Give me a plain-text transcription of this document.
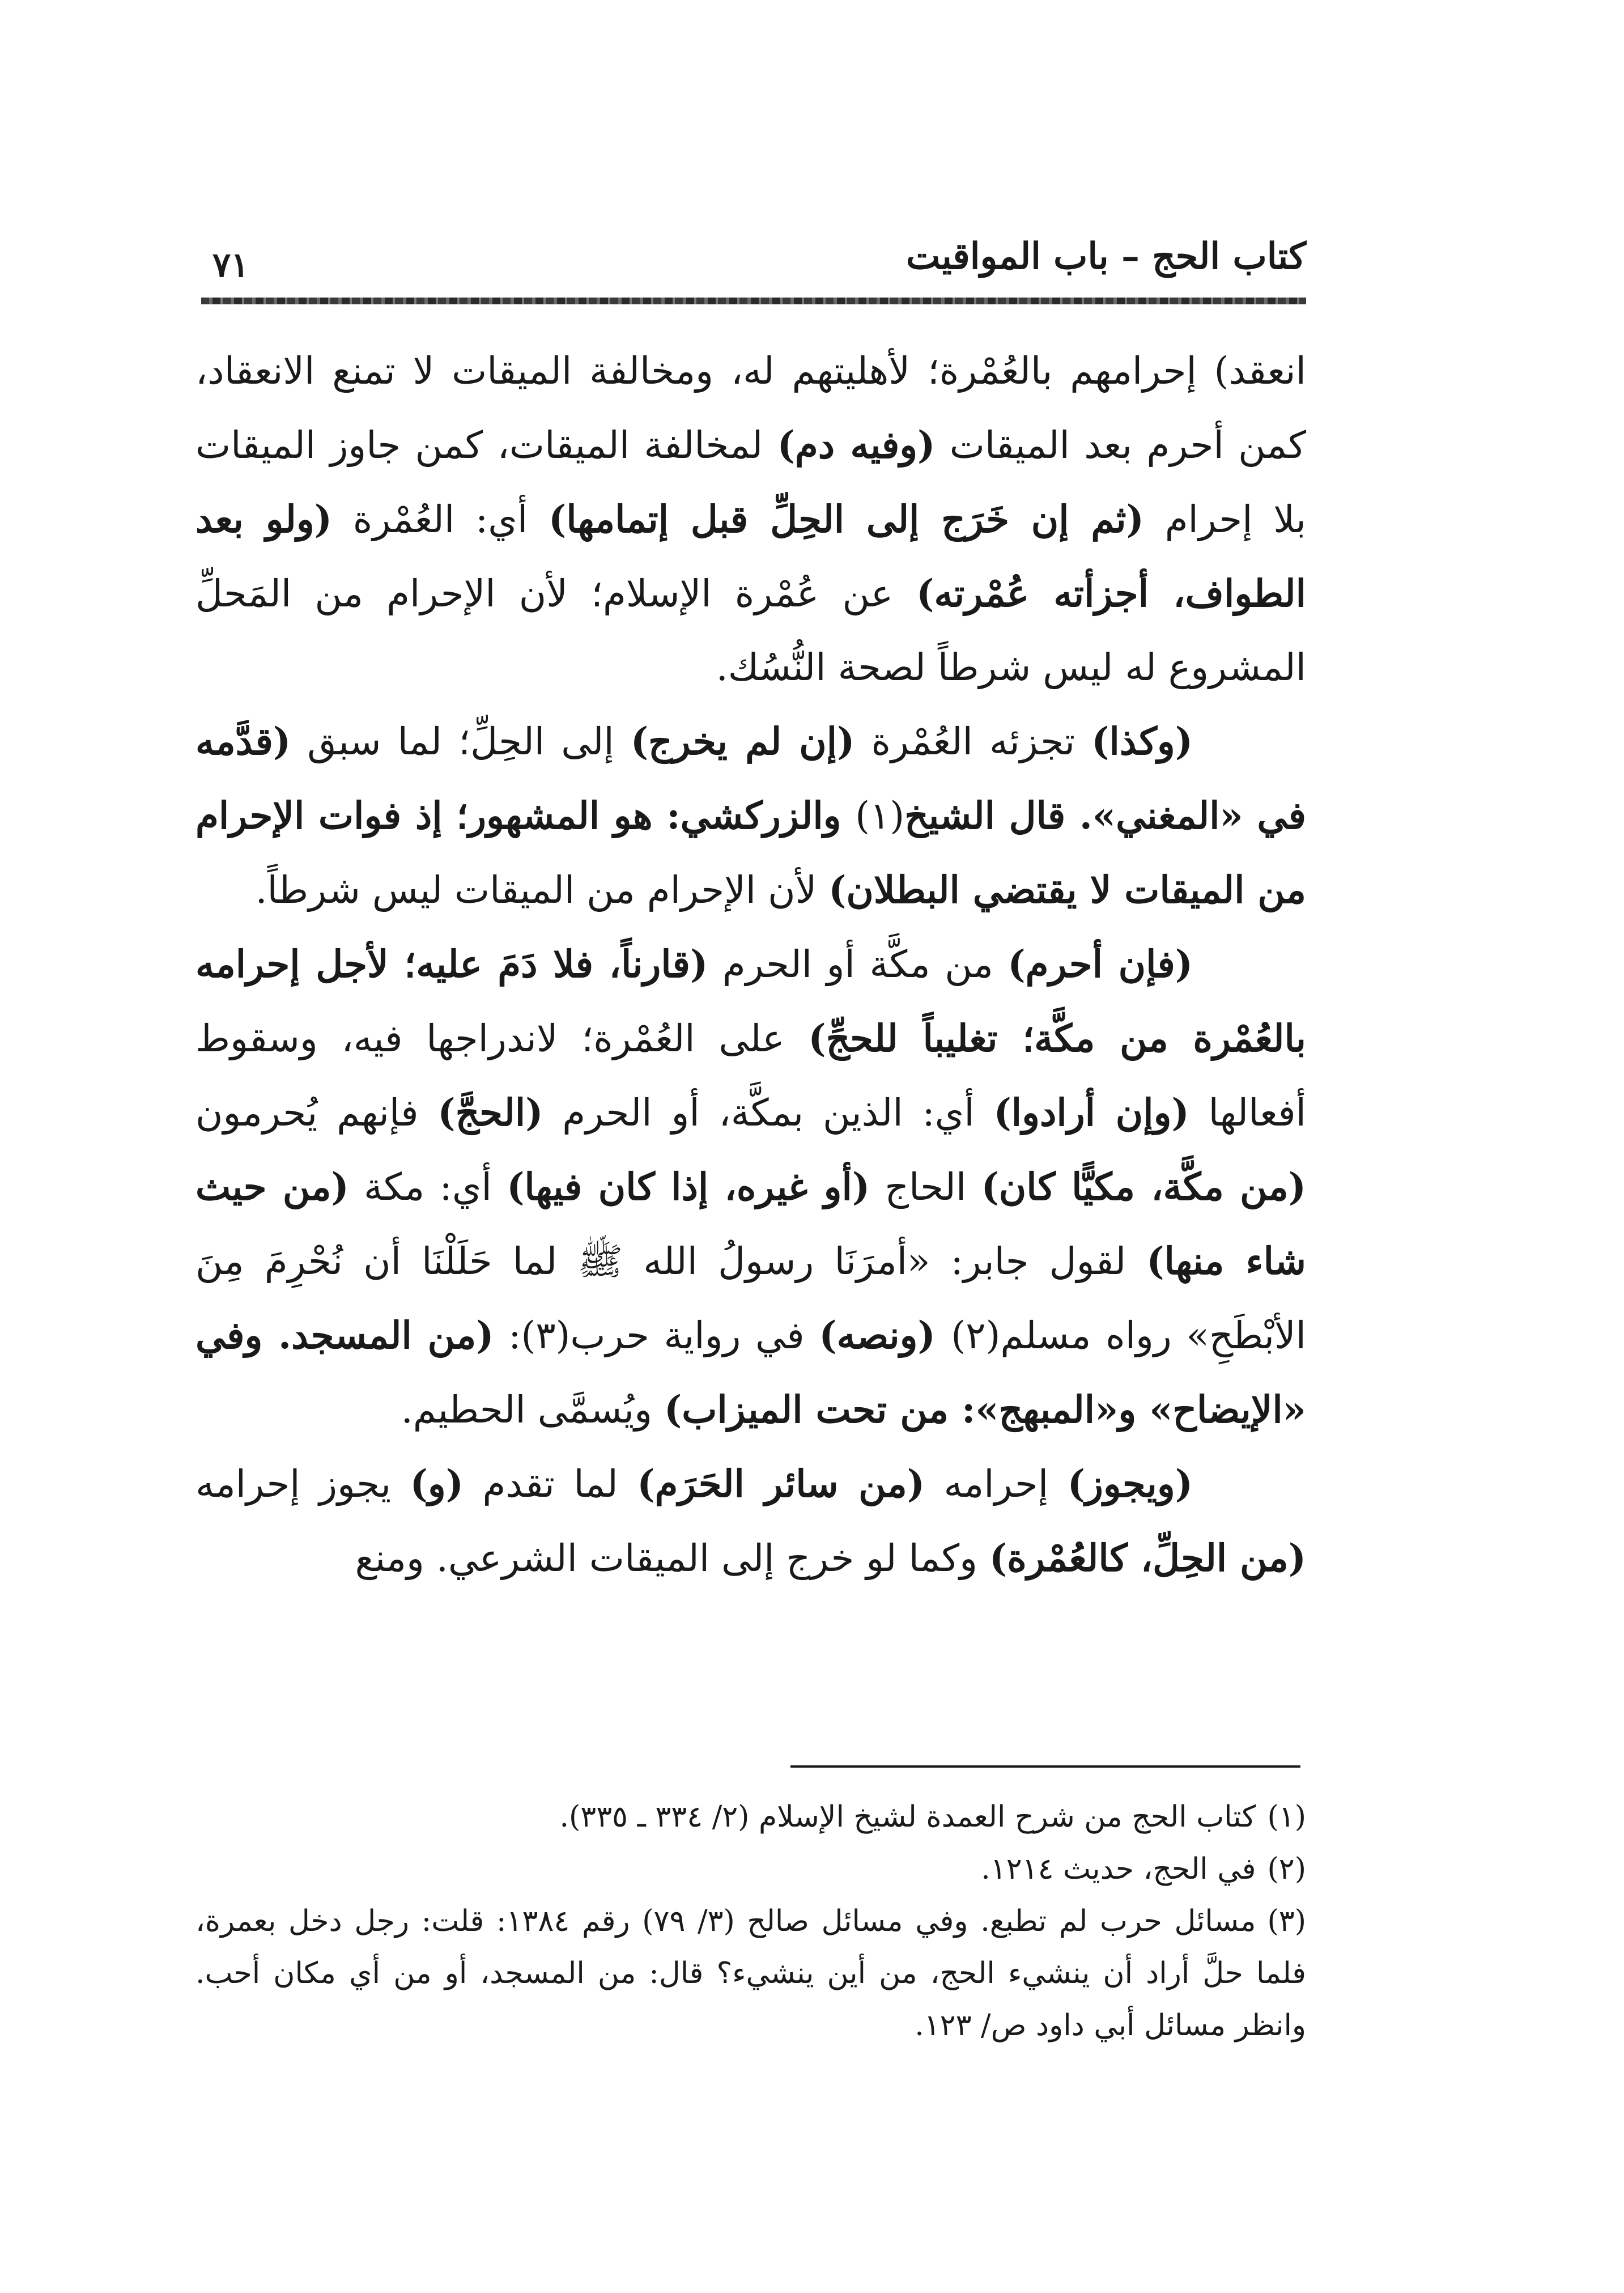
كتاب الحج – باب المواقيت
٧١

انعقد) إحرامهم بالعُمْرة؛ لأهليتهم له، ومخالفة الميقات لا تمنع الانعقاد، كمن أحرم بعد الميقات (وفيه دم) لمخالفة الميقات، كمن جاوز الميقات بلا إحرام (ثم إن خَرَج إلى الحِلِّ قبل إتمامها) أي: العُمْرة (ولو بعد الطواف، أجزأته عُمْرته) عن عُمْرة الإسلام؛ لأن الإحرام من المَحلِّ المشروع له ليس شرطاً لصحة النُّسُك.

(وكذا) تجزئه العُمْرة (إن لم يخرج) إلى الحِلِّ؛ لما سبق (قدَّمه في «المغني». قال الشيخ(١) والزركشي: هو المشهور؛ إذ فوات الإحرام من الميقات لا يقتضي البطلان) لأن الإحرام من الميقات ليس شرطاً.

(فإن أحرم) من مكَّة أو الحرم (قارناً، فلا دَمَ عليه؛ لأجل إحرامه بالعُمْرة من مكَّة؛ تغليباً للحجِّ) على العُمْرة؛ لاندراجها فيه، وسقوط أفعالها (وإن أرادوا) أي: الذين بمكَّة، أو الحرم (الحجَّ) فإنهم يُحرمون (من مكَّة، مكيًّا كان) الحاج (أو غيره، إذا كان فيها) أي: مكة (من حيث شاء منها) لقول جابر: «أمرَنَا رسولُ الله ﷺ لما حَلَلْنَا أن نُحْرِمَ مِنَ الأبْطَحِ» رواه مسلم(٢) (ونصه) في رواية حرب(٣): (من المسجد. وفي «الإيضاح» و«المبهج»: من تحت الميزاب) ويُسمَّى الحطيم.

(ويجوز) إحرامه (من سائر الحَرَم) لما تقدم (و) يجوز إحرامه (من الحِلِّ، كالعُمْرة) وكما لو خرج إلى الميقات الشرعي. ومنع

(١)كتاب الحج من شرح العمدة لشيخ الإسلام (٢/ ٣٣٤ ـ ٣٣٥).

(٢)في الحج، حديث ١٢١٤.

(٣)مسائل حرب لم تطبع. وفي مسائل صالح (٣/ ٧٩) رقم ١٣٨٤: قلت: رجل دخل بعمرة، فلما حلَّ أراد أن ينشيء الحج، من أين ينشيء؟ قال: من المسجد، أو من أي مكان أحب. وانظر مسائل أبي داود ص/ ١٢٣.
